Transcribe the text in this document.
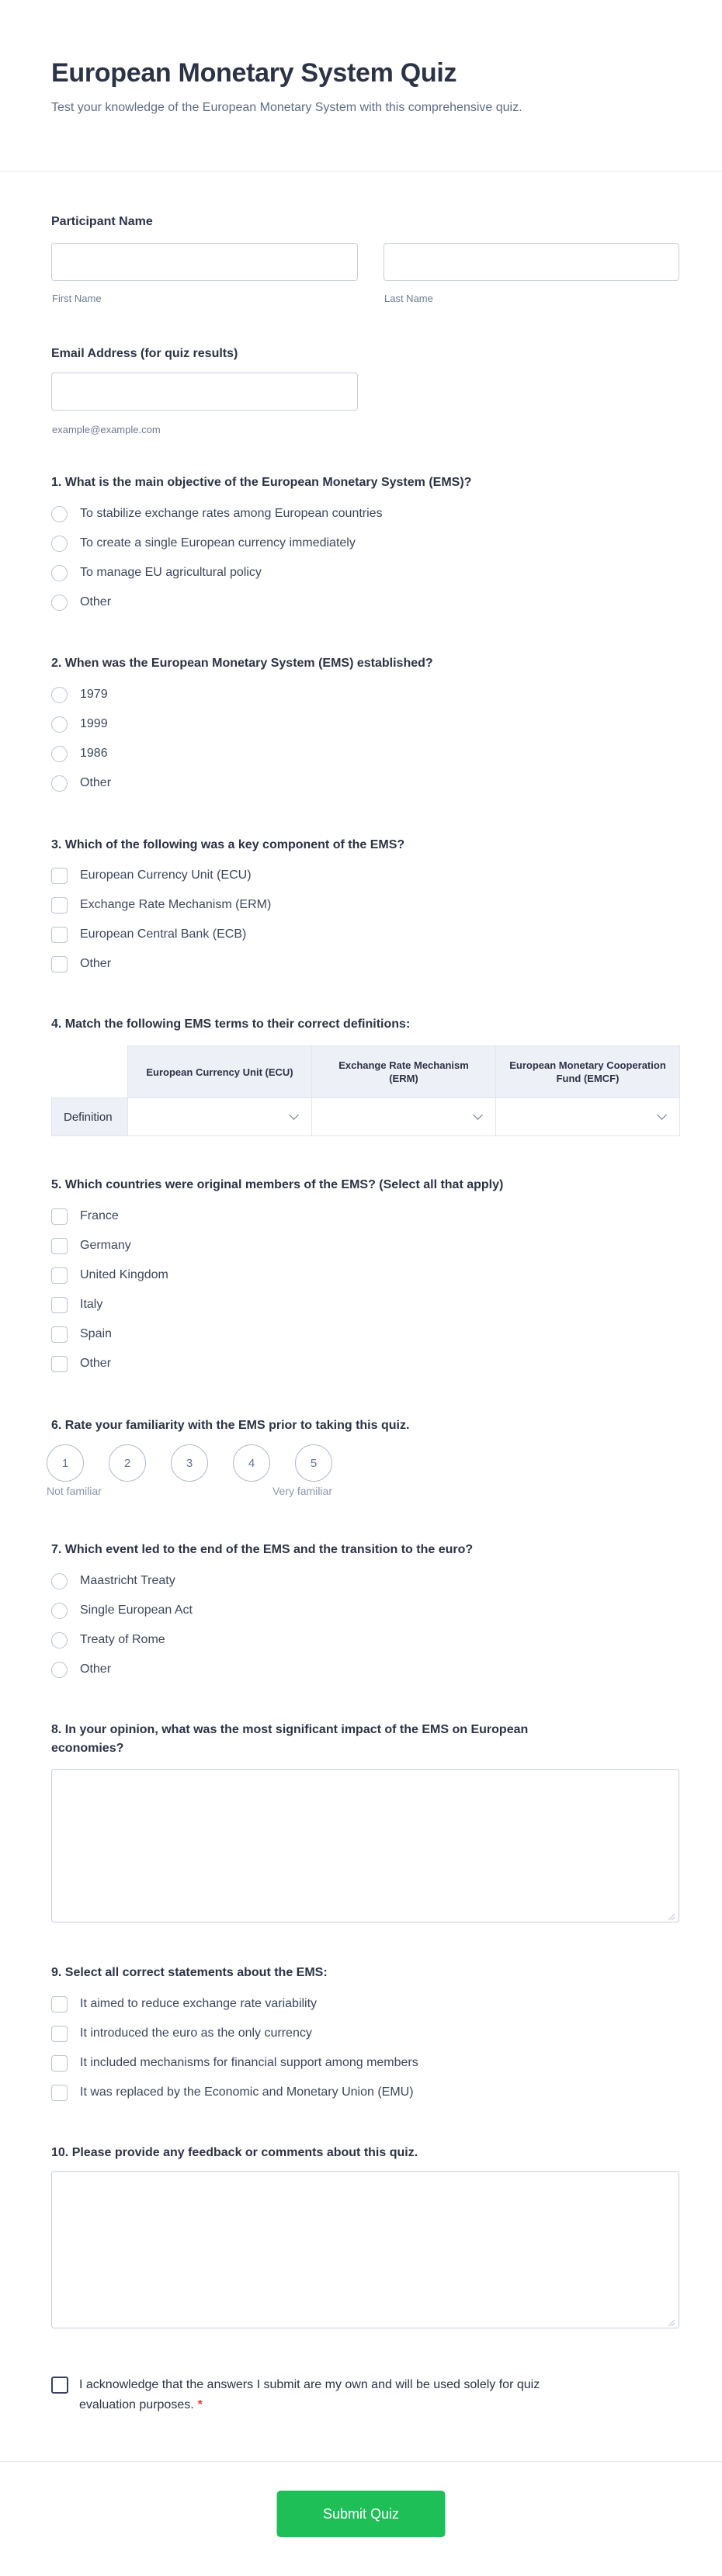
European Monetary System Quiz

Test your knowledge of the European Monetary System with this comprehensive quiz.

Participant Name
First Name	Last Name
Email Address (for quiz results)
example@example.com
1. What is the main objective of the European Monetary System (EMS)?
To stabilize exchange rates among European countries
To create a single European currency immediately
To manage EU agricultural policy
Other
2. When was the European Monetary System (EMS) established?
1979
1999
1986
Other
3. Which of the following was a key component of the EMS?
European Currency Unit (ECU)
Exchange Rate Mechanism (ERM)
European Central Bank (ECB)
Other
4. Match the following EMS terms to their correct definitions:
	European Currency Unit (ECU)	Exchange Rate Mechanism (ERM)	European Monetary Cooperation Fund (EMCF)
Definition	

5. Which countries were original members of the EMS? (Select all that apply)
France
Germany
United Kingdom
Italy
Spain
Other
6. Rate your familiarity with the EMS prior to taking this quiz.
1	2	3	4	5
Not familiar	Very familiar
7. Which event led to the end of the EMS and the transition to the euro?
Maastricht Treaty
Single European Act
Treaty of Rome
Other
8. In your opinion, what was the most significant impact of the EMS on European economies?
9. Select all correct statements about the EMS:
It aimed to reduce exchange rate variability
It introduced the euro as the only currency
It included mechanisms for financial support among members
It was replaced by the Economic and Monetary Union (EMU)
10. Please provide any feedback or comments about this quiz.
I acknowledge that the answers I submit are my own and will be used solely for quiz evaluation purposes. *
Submit Quiz
